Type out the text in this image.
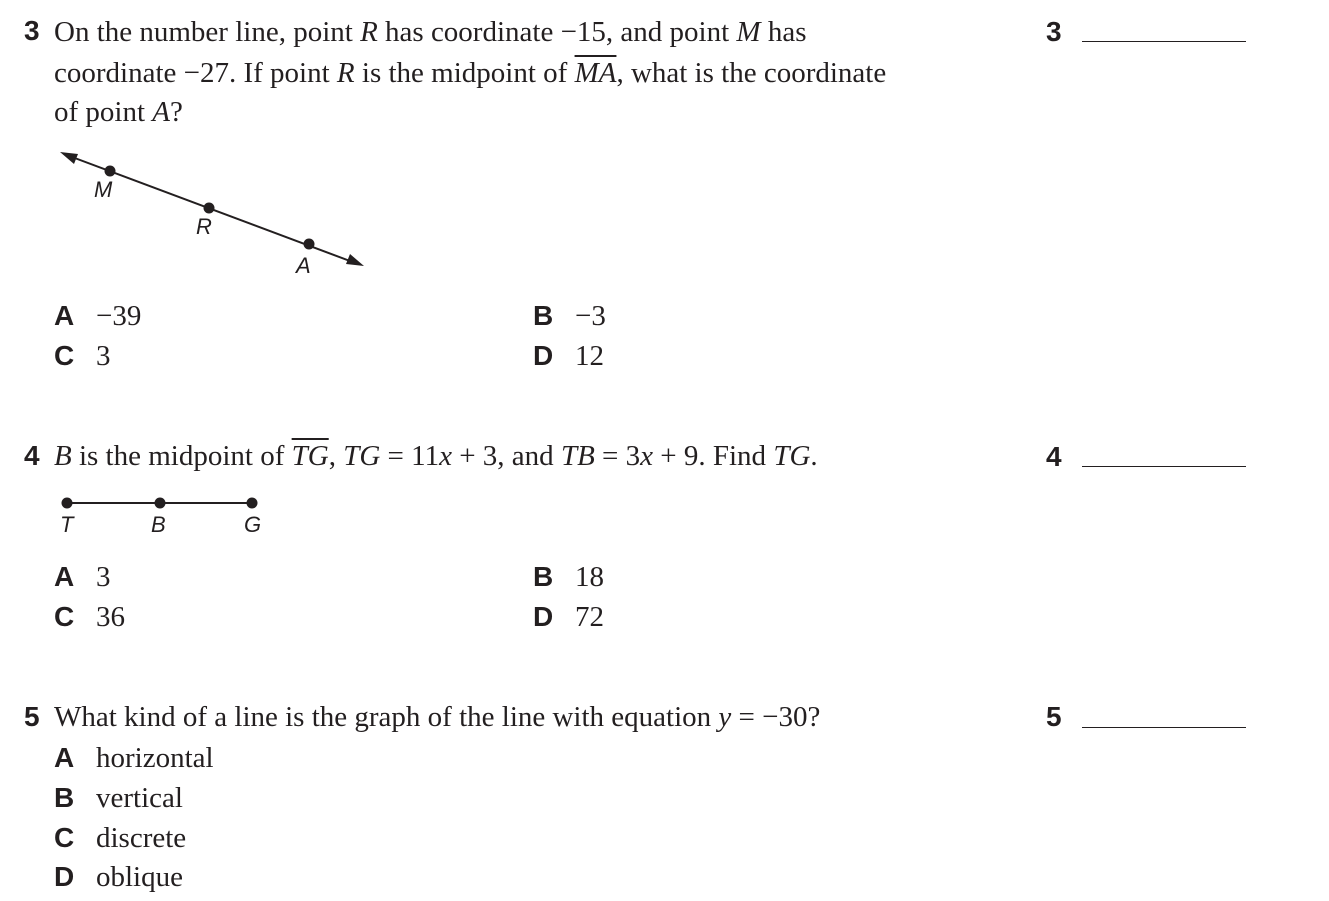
3 On the number line, point R has coordinate −15, and point M has
coordinate −27. If point R is the midpoint of $\overline{MA}$, what is the coordinate
of point A?
3
M
R
A
A −39	B −3
C 3	D 12
4 B is the midpoint of $\overline{TG}$, TG = 11x + 3, and TB = 3x + 9. Find TG.	4
T	B	G
A 3	B 18
C 36	D 72
5 What kind of a line is the graph of the line with equation y = −30?	5
A horizontal
B vertical
C discrete
D oblique
